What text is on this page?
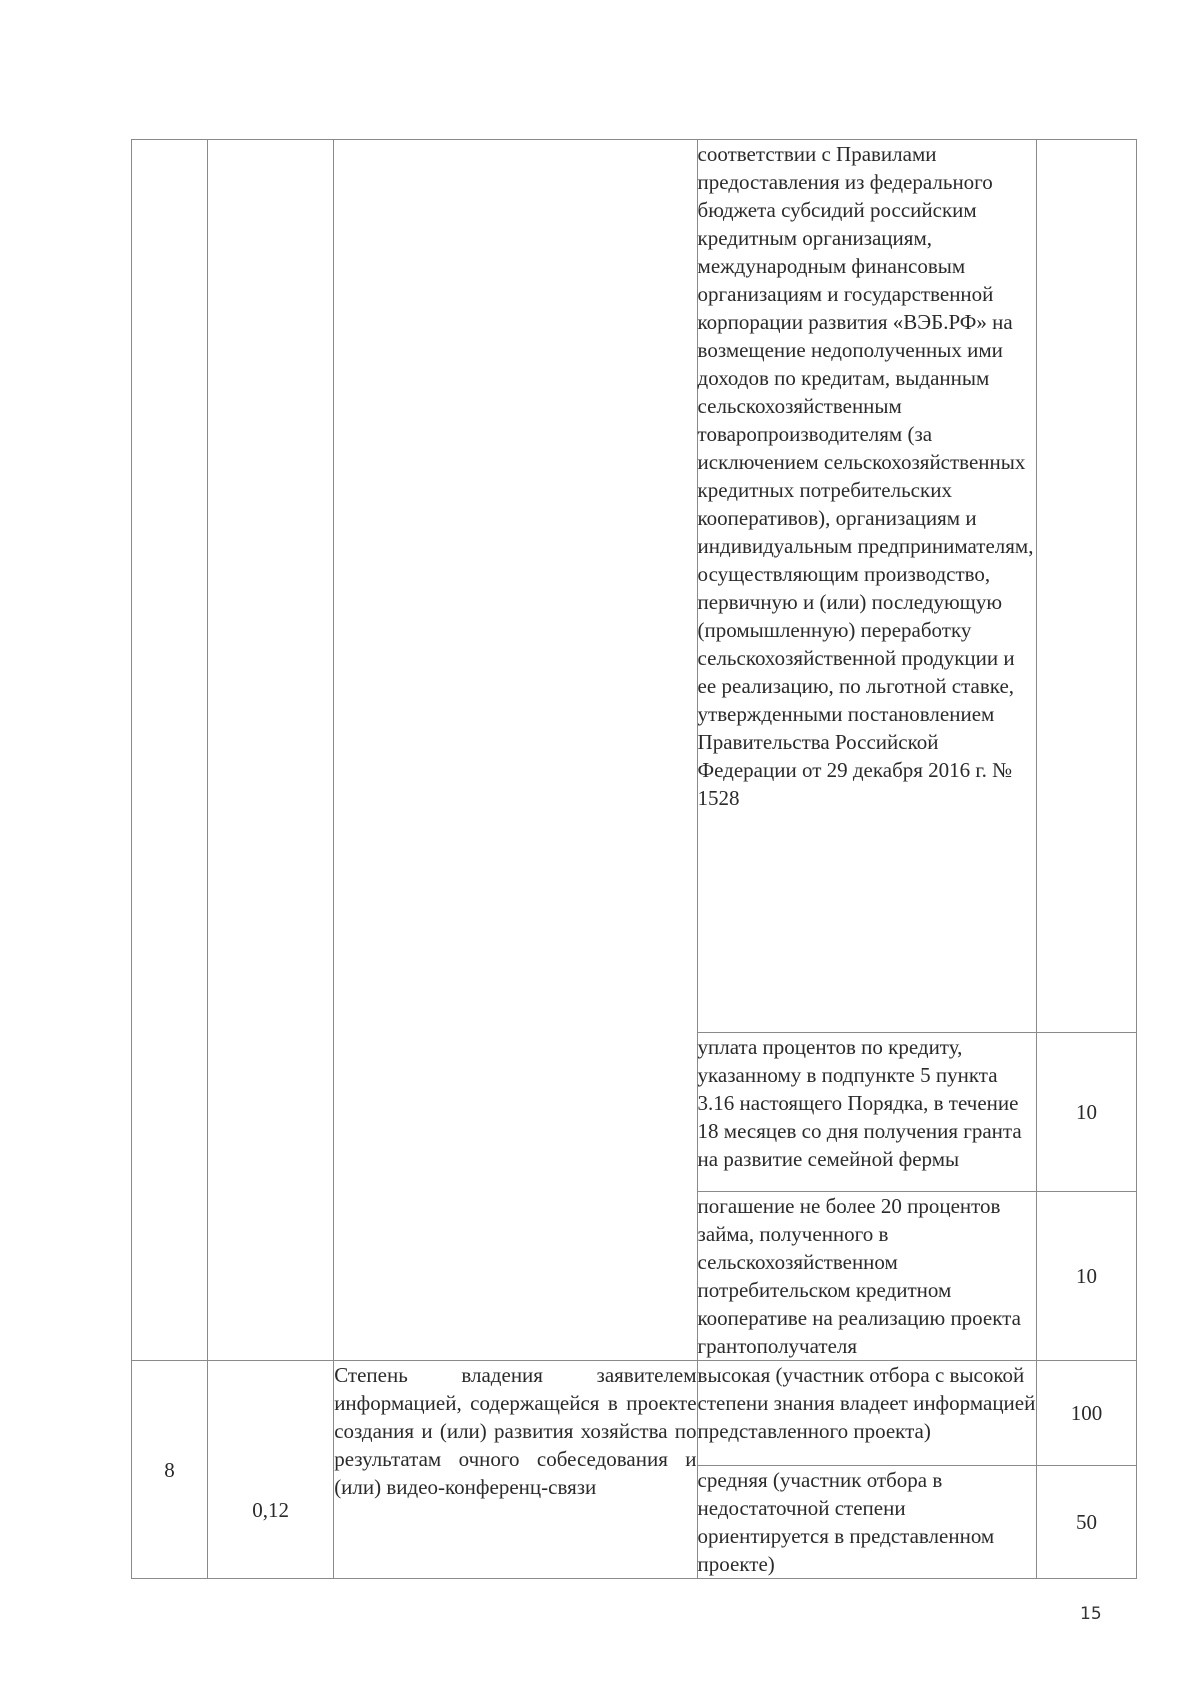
			соответствии с Правилами предоставления из федерального бюджета субсидий российским кредитным организациям, международным финансовым организациям и государственной корпорации развития «ВЭБ.РФ» на возмещение недополученных ими доходов по кредитам, выданным сельскохозяйственным товаропроизводителям (за исключением сельскохозяйственных кредитных потребительских кооперативов), организациям и индивидуальным предпринимателям, осуществляющим производство, первичную и (или) последующую (промышленную) переработку сельскохозяйственной продукции и ее реализацию, по льготной ставке, утвержденными постановлением Правительства Российской Федерации от 29 декабря 2016 г. № 1528	
			уплата процентов по кредиту, указанному в подпункте 5 пункта 3.16 настоящего Порядка, в течение 18 месяцев со дня получения гранта на развитие семейной фермы	10
			погашение не более 20 процентов займа, полученного в сельскохозяйственном потребительском кредитном кооперативе на реализацию проекта грантополучателя	10
8	0,12	Степень владения заявителем информацией, содержащейся в проекте создания и (или) развития хозяйства по результатам очного собеседования и (или) видео-конференц-связи	высокая (участник отбора с высокой степени знания владеет информацией представленного проекта)	100
			средняя (участник отбора в недостаточной степени ориентируется в представленном проекте)	50
15
